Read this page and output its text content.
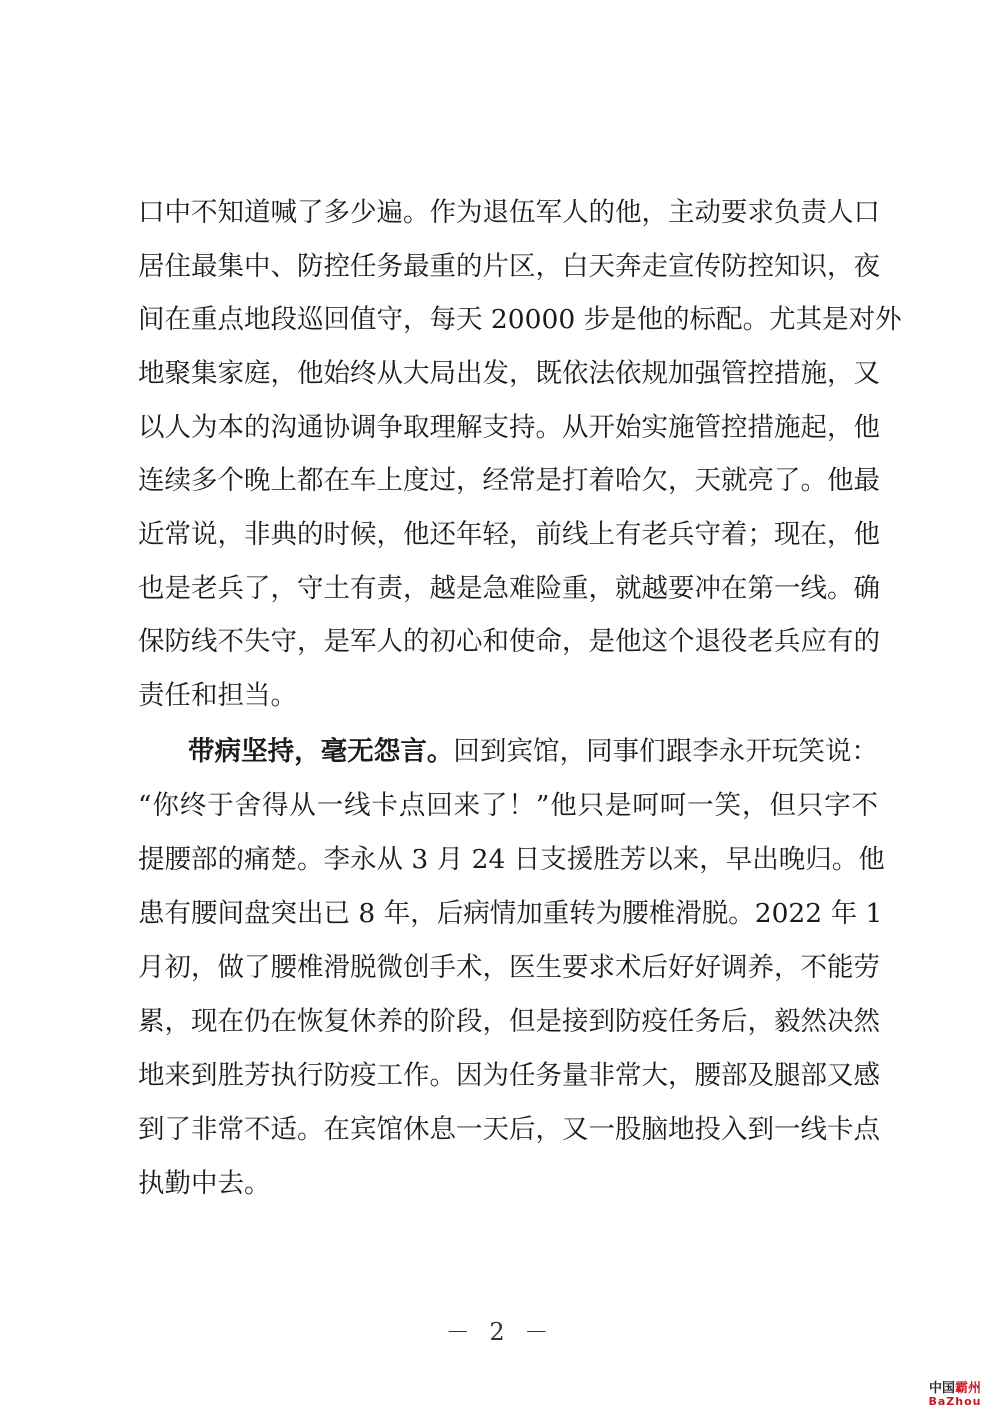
口中不知道喊了多少遍。作为退伍军人的他，主动要求负责人口
居住最集中、防控任务最重的片区，白天奔走宣传防控知识，夜
间在重点地段巡回值守，每天 20000 步是他的标配。尤其是对外
地聚集家庭，他始终从大局出发，既依法依规加强管控措施，又
以人为本的沟通协调争取理解支持。从开始实施管控措施起，他
连续多个晚上都在车上度过，经常是打着哈欠，天就亮了。他最
近常说，非典的时候，他还年轻，前线上有老兵守着；现在，他
也是老兵了，守土有责，越是急难险重，就越要冲在第一线。确
保防线不失守，是军人的初心和使命，是他这个退役老兵应有的
责任和担当。
带病坚持，毫无怨言。回到宾馆，同事们跟李永开玩笑说：
“你终于舍得从一线卡点回来了！”他只是呵呵一笑，但只字不
提腰部的痛楚。李永从 3 月 24 日支援胜芳以来，早出晚归。他
患有腰间盘突出已 8 年，后病情加重转为腰椎滑脱。2022 年 1
月初，做了腰椎滑脱微创手术，医生要求术后好好调养，不能劳
累，现在仍在恢复休养的阶段，但是接到防疫任务后，毅然决然
地来到胜芳执行防疫工作。因为任务量非常大，腰部及腿部又感
到了非常不适。在宾馆休息一天后，又一股脑地投入到一线卡点
执勤中去。
－ 2 －
中国霸州
BaZhou
